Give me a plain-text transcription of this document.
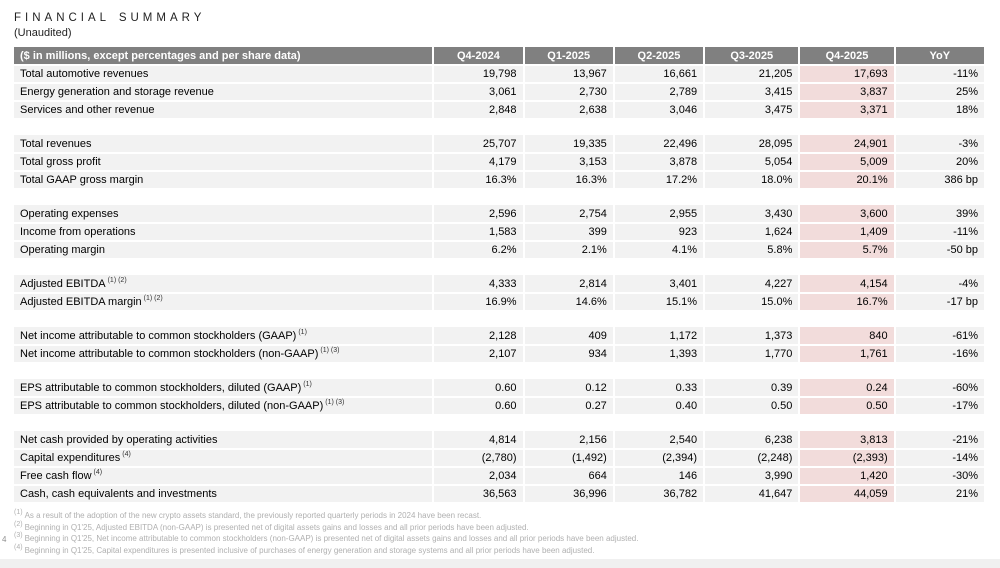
FINANCIAL SUMMARY
(Unaudited)
($ in millions, except percentages and per share data)	Q4-2024	Q1-2025	Q2-2025	Q3-2025	Q4-2025	YoY
Total automotive revenues	19,798	13,967	16,661	21,205	17,693	-11%
Energy generation and storage revenue	3,061	2,730	2,789	3,415	3,837	25%
Services and other revenue	2,848	2,638	3,046	3,475	3,371	18%

Total revenues	25,707	19,335	22,496	28,095	24,901	-3%
Total gross profit	4,179	3,153	3,878	5,054	5,009	20%
Total GAAP gross margin	16.3%	16.3%	17.2%	18.0%	20.1%	386 bp

Operating expenses	2,596	2,754	2,955	3,430	3,600	39%
Income from operations	1,583	399	923	1,624	1,409	-11%
Operating margin	6.2%	2.1%	4.1%	5.8%	5.7%	-50 bp

Adjusted EBITDA $^{(1) (2)}$	4,333	2,814	3,401	4,227	4,154	-4%
Adjusted EBITDA margin $^{(1) (2)}$	16.9%	14.6%	15.1%	15.0%	16.7%	-17 bp

Net income attributable to common stockholders (GAAP) $^{(1)}$	2,128	409	1,172	1,373	840	-61%
Net income attributable to common stockholders (non-GAAP) $^{(1) (3)}$	2,107	934	1,393	1,770	1,761	-16%

EPS attributable to common stockholders, diluted (GAAP) $^{(1)}$	0.60	0.12	0.33	0.39	0.24	-60%
EPS attributable to common stockholders, diluted (non-GAAP) $^{(1) (3)}$	0.60	0.27	0.40	0.50	0.50	-17%

Net cash provided by operating activities	4,814	2,156	2,540	6,238	3,813	-21%
Capital expenditures $^{(4)}$	(2,780)	(1,492)	(2,394)	(2,248)	(2,393)	-14%
Free cash flow $^{(4)}$	2,034	664	146	3,990	1,420	-30%
Cash, cash equivalents and investments	36,563	36,996	36,782	41,647	44,059	21%
$^{(1)}$ As a result of the adoption of the new crypto assets standard, the previously reported quarterly periods in 2024 have been recast.
$^{(2)}$ Beginning in Q1'25, Adjusted EBITDA (non-GAAP) is presented net of digital assets gains and losses and all prior periods have been adjusted.
$^{(3)}$ Beginning in Q1'25, Net income attributable to common stockholders (non-GAAP) is presented net of digital assets gains and losses and all prior periods have been adjusted.
$^{(4)}$ Beginning in Q1'25, Capital expenditures is presented inclusive of purchases of energy generation and storage systems and all prior periods have been adjusted.
4
